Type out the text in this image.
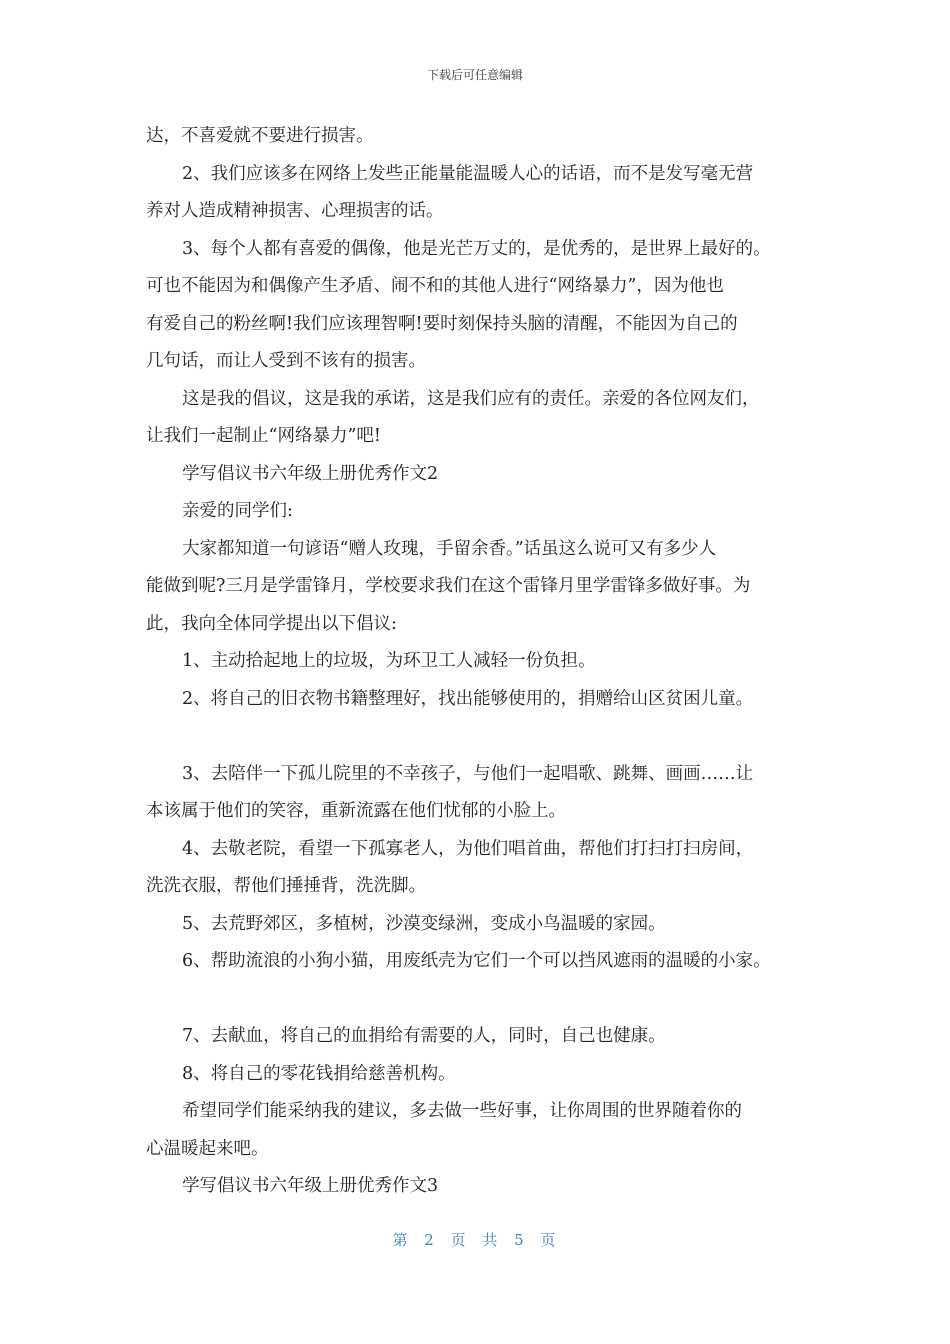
下载后可任意编辑
达，不喜爱就不要进行损害。
2、我们应该多在网络上发些正能量能温暖人心的话语，而不是发写毫无营
养对人造成精神损害、心理损害的话。
3、每个人都有喜爱的偶像，他是光芒万丈的，是优秀的，是世界上最好的。
可也不能因为和偶像产生矛盾、闹不和的其他人进行“网络暴力”，因为他也
有爱自己的粉丝啊!我们应该理智啊!要时刻保持头脑的清醒，不能因为自己的
几句话，而让人受到不该有的损害。
这是我的倡议，这是我的承诺，这是我们应有的责任。亲爱的各位网友们，
让我们一起制止“网络暴力”吧!
学写倡议书六年级上册优秀作文2
亲爱的同学们:
大家都知道一句谚语“赠人玫瑰，手留余香。”话虽这么说可又有多少人
能做到呢?三月是学雷锋月，学校要求我们在这个雷锋月里学雷锋多做好事。为
此，我向全体同学提出以下倡议:
1、主动拾起地上的垃圾，为环卫工人减轻一份负担。
2、将自己的旧衣物书籍整理好，找出能够使用的，捐赠给山区贫困儿童。
3、去陪伴一下孤儿院里的不幸孩子，与他们一起唱歌、跳舞、画画……让
本该属于他们的笑容，重新流露在他们忧郁的小脸上。
4、去敬老院，看望一下孤寡老人，为他们唱首曲，帮他们打扫打扫房间，
洗洗衣服，帮他们捶捶背，洗洗脚。
5、去荒野郊区，多植树，沙漠变绿洲，变成小鸟温暖的家园。
6、帮助流浪的小狗小猫，用废纸壳为它们一个可以挡风遮雨的温暖的小家。
7、去献血，将自己的血捐给有需要的人，同时，自己也健康。
8、将自己的零花钱捐给慈善机构。
希望同学们能采纳我的建议，多去做一些好事，让你周围的世界随着你的
心温暖起来吧。
学写倡议书六年级上册优秀作文3
第 2 页 共 5 页
